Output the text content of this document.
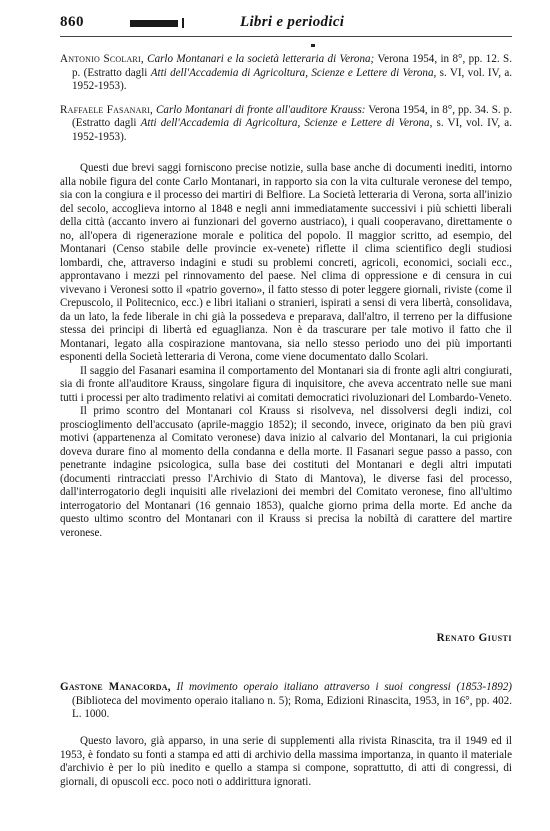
860	Libri e periodici

Antonio Scolari, Carlo Montanari e la società letteraria di Verona; Verona 1954, in 8°, pp. 12. S. p. (Estratto dagli Atti dell'Accademia di Agricoltura, Scienze e Lettere di Verona, s. VI, vol. IV, a. 1952-1953).

Raffaele Fasanari, Carlo Montanari di fronte all'auditore Krauss: Verona 1954, in 8°, pp. 34. S. p. (Estratto dagli Atti dell'Accademia di Agricoltura, Scienze e Lettere di Verona, s. VI, vol. IV, a. 1952-1953).

Questi due brevi saggi forniscono precise notizie, sulla base anche di documenti inediti, intorno alla nobile figura del conte Carlo Montanari, in rapporto sia con la vita culturale veronese del tempo, sia con la congiura e il processo dei martiri di Belfiore. La Società letteraria di Verona, sorta all'inizio del secolo, accoglieva intorno al 1848 e negli anni immediatamente successivi i più schietti liberali della città (accanto invero ai funzionari del governo austriaco), i quali cooperavano, direttamente o no, all'opera di rigenerazione morale e politica del popolo. Il maggior scritto, ad esempio, del Montanari (Censo stabile delle provincie ex-venete) riflette il clima scientifico degli studiosi lombardi, che, attraverso indagini e studi su problemi concreti, agricoli, economici, sociali ecc., approntavano i mezzi pel rinnovamento del paese. Nel clima di oppressione e di censura in cui vivevano i Veronesi sotto il «patrio governo», il fatto stesso di poter leggere giornali, riviste (come il Crepuscolo, il Politecnico, ecc.) e libri italiani o stranieri, ispirati a sensi di vera libertà, consolidava, da un lato, la fede liberale in chi già la possedeva e preparava, dall'altro, il terreno per la diffusione stessa dei principi di libertà ed eguaglianza. Non è da trascurare per tale motivo il fatto che il Montanari, legato alla cospirazione mantovana, sia nello stesso periodo uno dei più importanti esponenti della Società letteraria di Verona, come viene documentato dallo Scolari.

Il saggio del Fasanari esamina il comportamento del Montanari sia di fronte agli altri congiurati, sia di fronte all'auditore Krauss, singolare figura di inquisitore, che aveva accentrato nelle sue mani tutti i processi per alto tradimento relativi ai comitati democratici rivoluzionari del Lombardo-Veneto.

Il primo scontro del Montanari col Krauss si risolveva, nel dissolversi degli indizi, col proscioglimento dell'accusato (aprile-maggio 1852); il secondo, invece, originato da ben più gravi motivi (appartenenza al Comitato veronese) dava inizio al calvario del Montanari, la cui prigionia doveva durare fino al momento della condanna e della morte. Il Fasanari segue passo a passo, con penetrante indagine psicologica, sulla base dei costituti del Montanari e degli altri imputati (documenti rintracciati presso l'Archivio di Stato di Mantova), le diverse fasi del processo, dall'interrogatorio degli inquisiti alle rivelazioni dei membri del Comitato veronese, fino all'ultimo interrogatorio del Montanari (16 gennaio 1853), qualche giorno prima della morte. Ed anche da questo ultimo scontro del Montanari con il Krauss si precisa la nobiltà di carattere del martire veronese.

Renato Giusti

Gastone Manacorda, Il movimento operaio italiano attraverso i suoi congressi (1853-1892) (Biblioteca del movimento operaio italiano n. 5); Roma, Edizioni Rinascita, 1953, in 16°, pp. 402. L. 1000.

Questo lavoro, già apparso, in una serie di supplementi alla rivista Rinascita, tra il 1949 ed il 1953, è fondato su fonti a stampa ed atti di archivio della massima importanza, in quanto il materiale d'archivio è per lo più inedito e quello a stampa si compone, soprattutto, di atti di congressi, di giornali, di opuscoli ecc. poco noti o addirittura ignorati.
